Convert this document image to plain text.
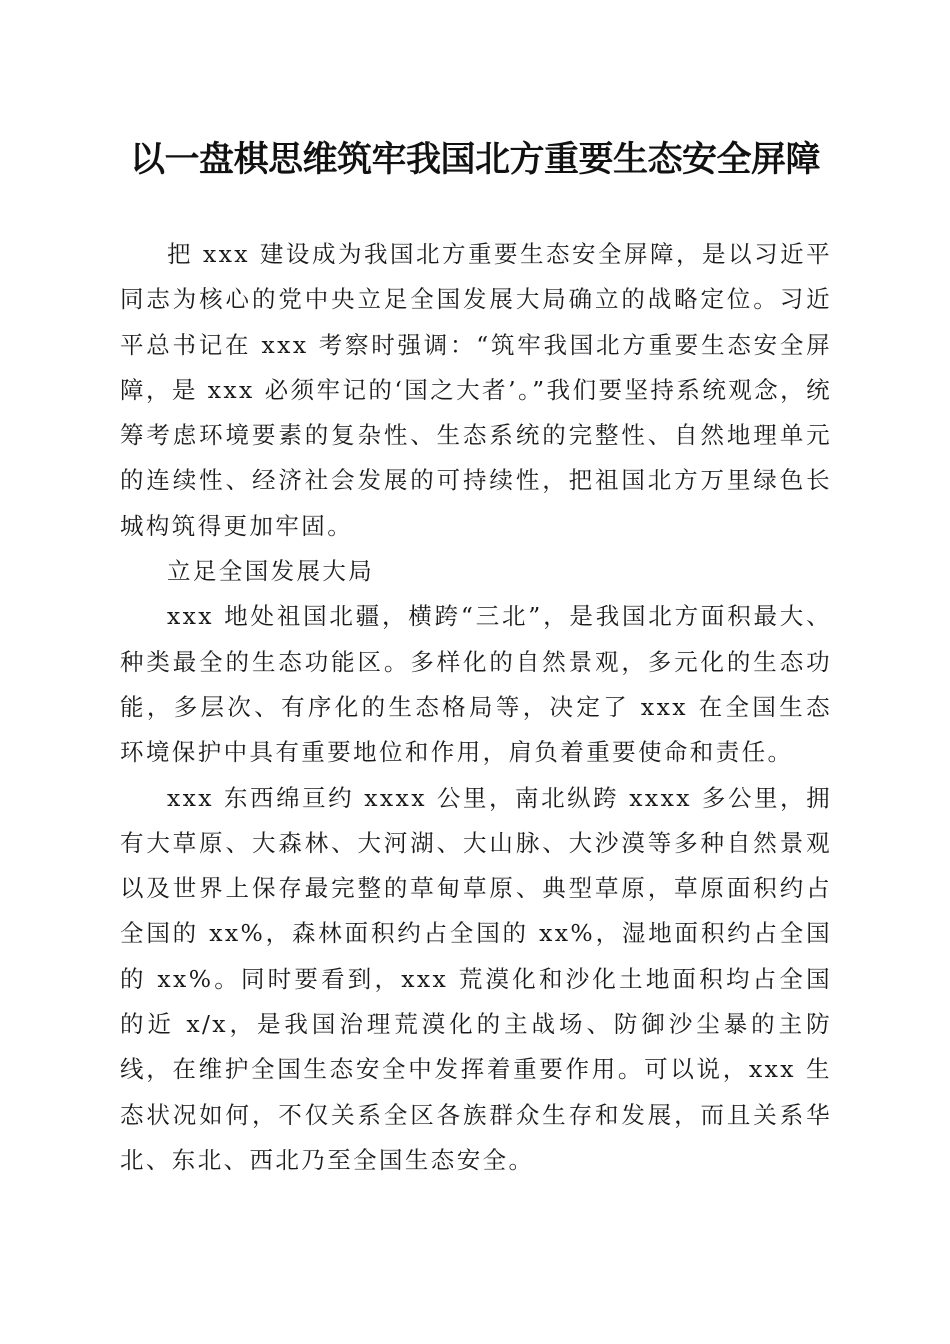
以一盘棋思维筑牢我国北方重要生态安全屏障

把 xxx 建设成为我国北方重要生态安全屏障，是以习近平同志为核心的党中央立足全国发展大局确立的战略定位。习近平总书记在 xxx 考察时强调：“筑牢我国北方重要生态安全屏障，是 xxx 必须牢记的‘国之大者’。”我们要坚持系统观念，统筹考虑环境要素的复杂性、生态系统的完整性、自然地理单元的连续性、经济社会发展的可持续性，把祖国北方万里绿色长城构筑得更加牢固。

立足全国发展大局

xxx 地处祖国北疆，横跨“三北”，是我国北方面积最大、种类最全的生态功能区。多样化的自然景观，多元化的生态功能，多层次、有序化的生态格局等，决定了 xxx 在全国生态环境保护中具有重要地位和作用，肩负着重要使命和责任。

xxx 东西绵亘约 xxxx 公里，南北纵跨 xxxx 多公里，拥有大草原、大森林、大河湖、大山脉、大沙漠等多种自然景观以及世界上保存最完整的草甸草原、典型草原，草原面积约占全国的 xx%，森林面积约占全国的 xx%，湿地面积约占全国的 xx%。同时要看到，xxx 荒漠化和沙化土地面积均占全国的近 x/x，是我国治理荒漠化的主战场、防御沙尘暴的主防线，在维护全国生态安全中发挥着重要作用。可以说，xxx 生态状况如何，不仅关系全区各族群众生存和发展，而且关系华北、东北、西北乃至全国生态安全。
